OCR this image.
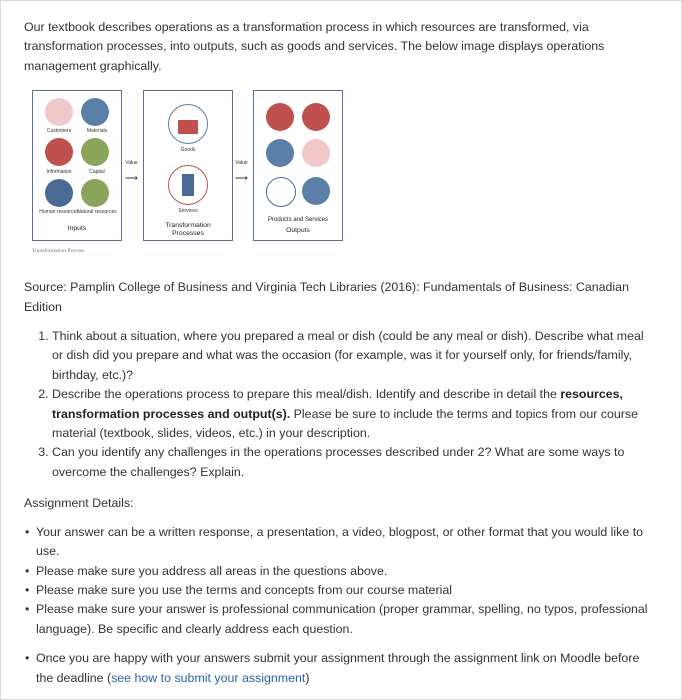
Our textbook describes operations as a transformation process in which resources are transformed, via transformation processes, into outputs, such as goods and services. The below image displays operations management graphically.

Customers	Materials
Information	Capital
Human resources
Natural resources
Inputs
Value
⟶
Goods
Services
Transformation
Processes
Value
⟶
Products and Services
Outputs
Transformation Process

Source: Pamplin College of Business and Virginia Tech Libraries (2016): Fundamentals of Business: Canadian Edition

1. Think about a situation, where you prepared a meal or dish (could be any meal or dish). Describe what meal or dish did you prepare and what was the occasion (for example, was it for yourself only, for friends/family, birthday, etc.)?
2. Describe the operations process to prepare this meal/dish. Identify and describe in detail the resources, transformation processes and output(s). Please be sure to include the terms and topics from our course material (textbook, slides, videos, etc.) in your description.
3. Can you identify any challenges in the operations processes described under 2? What are some ways to overcome the challenges? Explain.

Assignment Details:

• Your answer can be a written response, a presentation, a video, blogpost, or other format that you would like to use.
• Please make sure you address all areas in the questions above.
• Please make sure you use the terms and concepts from our course material
• Please make sure your answer is professional communication (proper grammar, spelling, no typos, professional language). Be specific and clearly address each question.
• Once you are happy with your answers submit your assignment through the assignment link on Moodle before the deadline (see how to submit your assignment)
